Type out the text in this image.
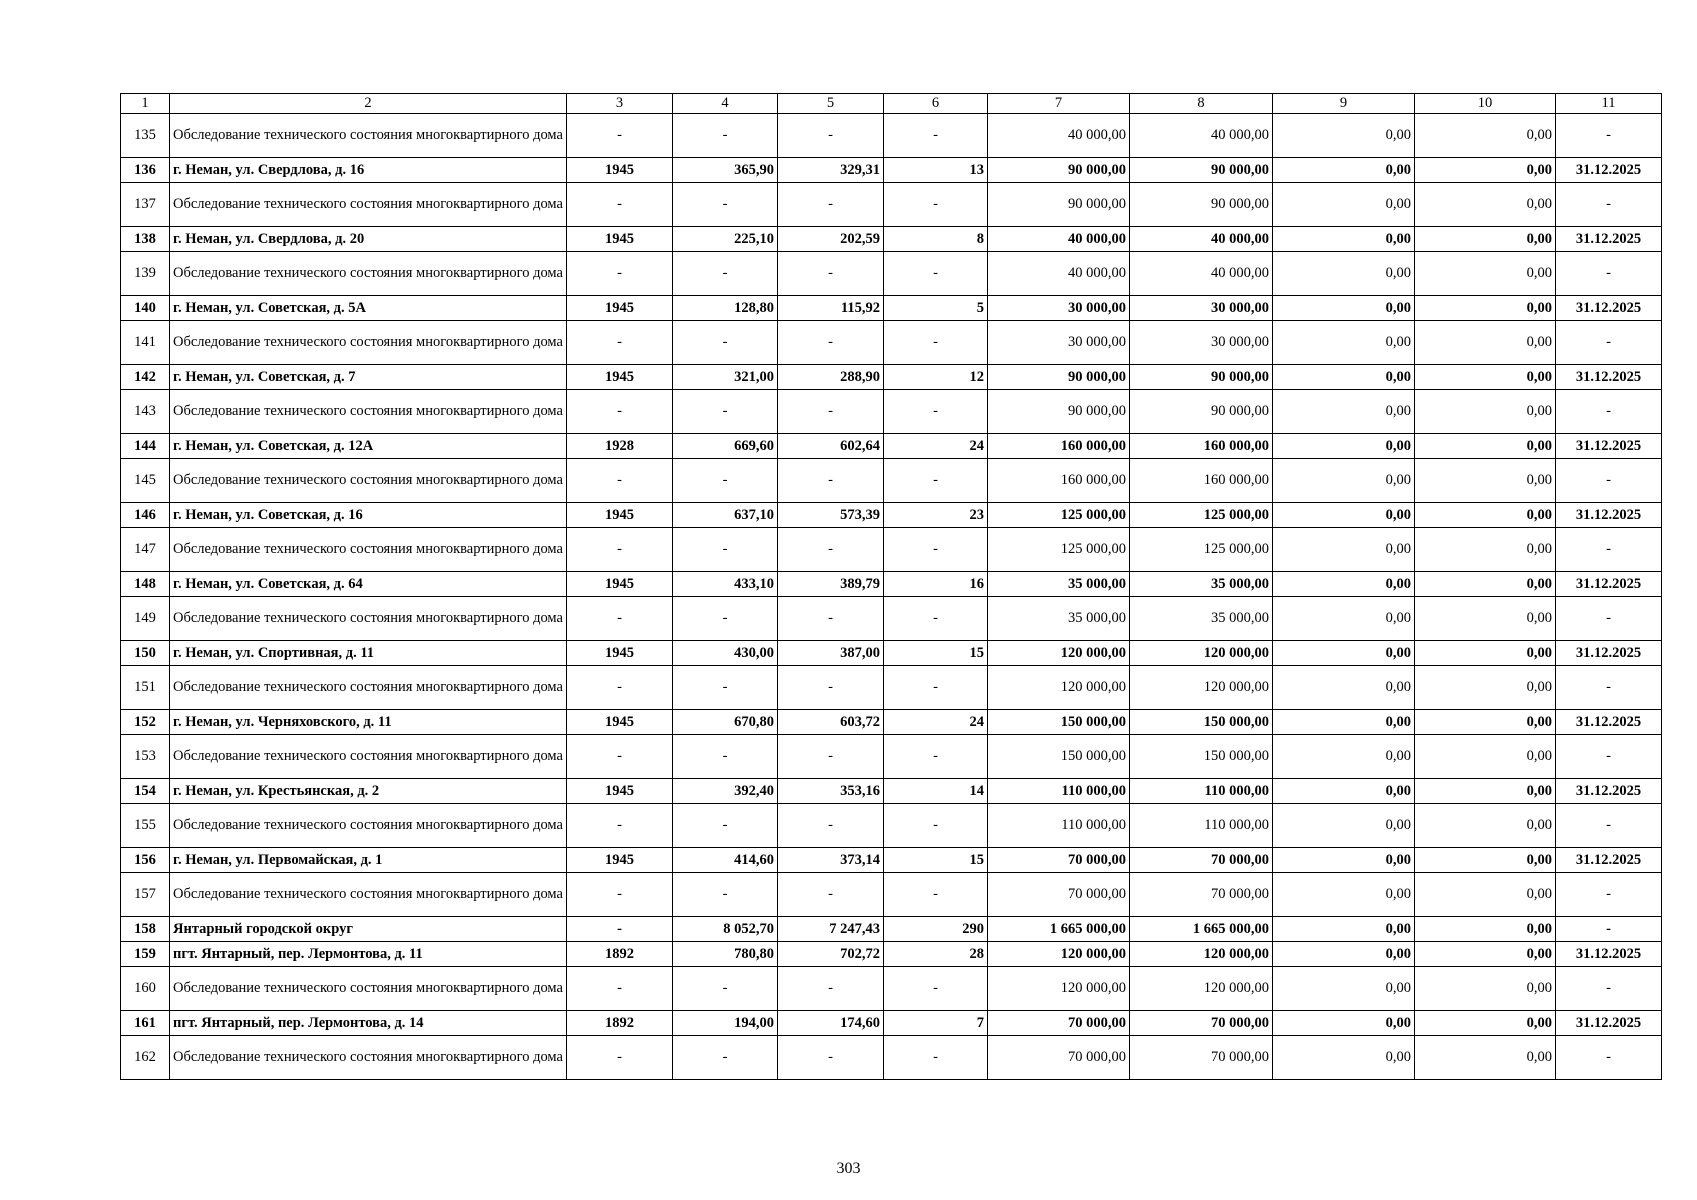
1	2	3	4	5	6	7	8	9	10	11
135	Обследование технического состояния многоквартирного дома	-	-	-	-	40 000,00	40 000,00	0,00	0,00	-
136	г. Неман, ул. Свердлова, д. 16	1945	365,90	329,31	13	90 000,00	90 000,00	0,00	0,00	31.12.2025
137	Обследование технического состояния многоквартирного дома	-	-	-	-	90 000,00	90 000,00	0,00	0,00	-
138	г. Неман, ул. Свердлова, д. 20	1945	225,10	202,59	8	40 000,00	40 000,00	0,00	0,00	31.12.2025
139	Обследование технического состояния многоквартирного дома	-	-	-	-	40 000,00	40 000,00	0,00	0,00	-
140	г. Неман, ул. Советская, д. 5А	1945	128,80	115,92	5	30 000,00	30 000,00	0,00	0,00	31.12.2025
141	Обследование технического состояния многоквартирного дома	-	-	-	-	30 000,00	30 000,00	0,00	0,00	-
142	г. Неман, ул. Советская, д. 7	1945	321,00	288,90	12	90 000,00	90 000,00	0,00	0,00	31.12.2025
143	Обследование технического состояния многоквартирного дома	-	-	-	-	90 000,00	90 000,00	0,00	0,00	-
144	г. Неман, ул. Советская, д. 12А	1928	669,60	602,64	24	160 000,00	160 000,00	0,00	0,00	31.12.2025
145	Обследование технического состояния многоквартирного дома	-	-	-	-	160 000,00	160 000,00	0,00	0,00	-
146	г. Неман, ул. Советская, д. 16	1945	637,10	573,39	23	125 000,00	125 000,00	0,00	0,00	31.12.2025
147	Обследование технического состояния многоквартирного дома	-	-	-	-	125 000,00	125 000,00	0,00	0,00	-
148	г. Неман, ул. Советская, д. 64	1945	433,10	389,79	16	35 000,00	35 000,00	0,00	0,00	31.12.2025
149	Обследование технического состояния многоквартирного дома	-	-	-	-	35 000,00	35 000,00	0,00	0,00	-
150	г. Неман, ул. Спортивная, д. 11	1945	430,00	387,00	15	120 000,00	120 000,00	0,00	0,00	31.12.2025
151	Обследование технического состояния многоквартирного дома	-	-	-	-	120 000,00	120 000,00	0,00	0,00	-
152	г. Неман, ул. Черняховского, д. 11	1945	670,80	603,72	24	150 000,00	150 000,00	0,00	0,00	31.12.2025
153	Обследование технического состояния многоквартирного дома	-	-	-	-	150 000,00	150 000,00	0,00	0,00	-
154	г. Неман, ул. Крестьянская, д. 2	1945	392,40	353,16	14	110 000,00	110 000,00	0,00	0,00	31.12.2025
155	Обследование технического состояния многоквартирного дома	-	-	-	-	110 000,00	110 000,00	0,00	0,00	-
156	г. Неман, ул. Первомайская, д. 1	1945	414,60	373,14	15	70 000,00	70 000,00	0,00	0,00	31.12.2025
157	Обследование технического состояния многоквартирного дома	-	-	-	-	70 000,00	70 000,00	0,00	0,00	-
158	Янтарный городской округ	-	8 052,70	7 247,43	290	1 665 000,00	1 665 000,00	0,00	0,00	-
159	пгт. Янтарный, пер. Лермонтова, д. 11	1892	780,80	702,72	28	120 000,00	120 000,00	0,00	0,00	31.12.2025
160	Обследование технического состояния многоквартирного дома	-	-	-	-	120 000,00	120 000,00	0,00	0,00	-
161	пгт. Янтарный, пер. Лермонтова, д. 14	1892	194,00	174,60	7	70 000,00	70 000,00	0,00	0,00	31.12.2025
162	Обследование технического состояния многоквартирного дома	-	-	-	-	70 000,00	70 000,00	0,00	0,00	-
303
